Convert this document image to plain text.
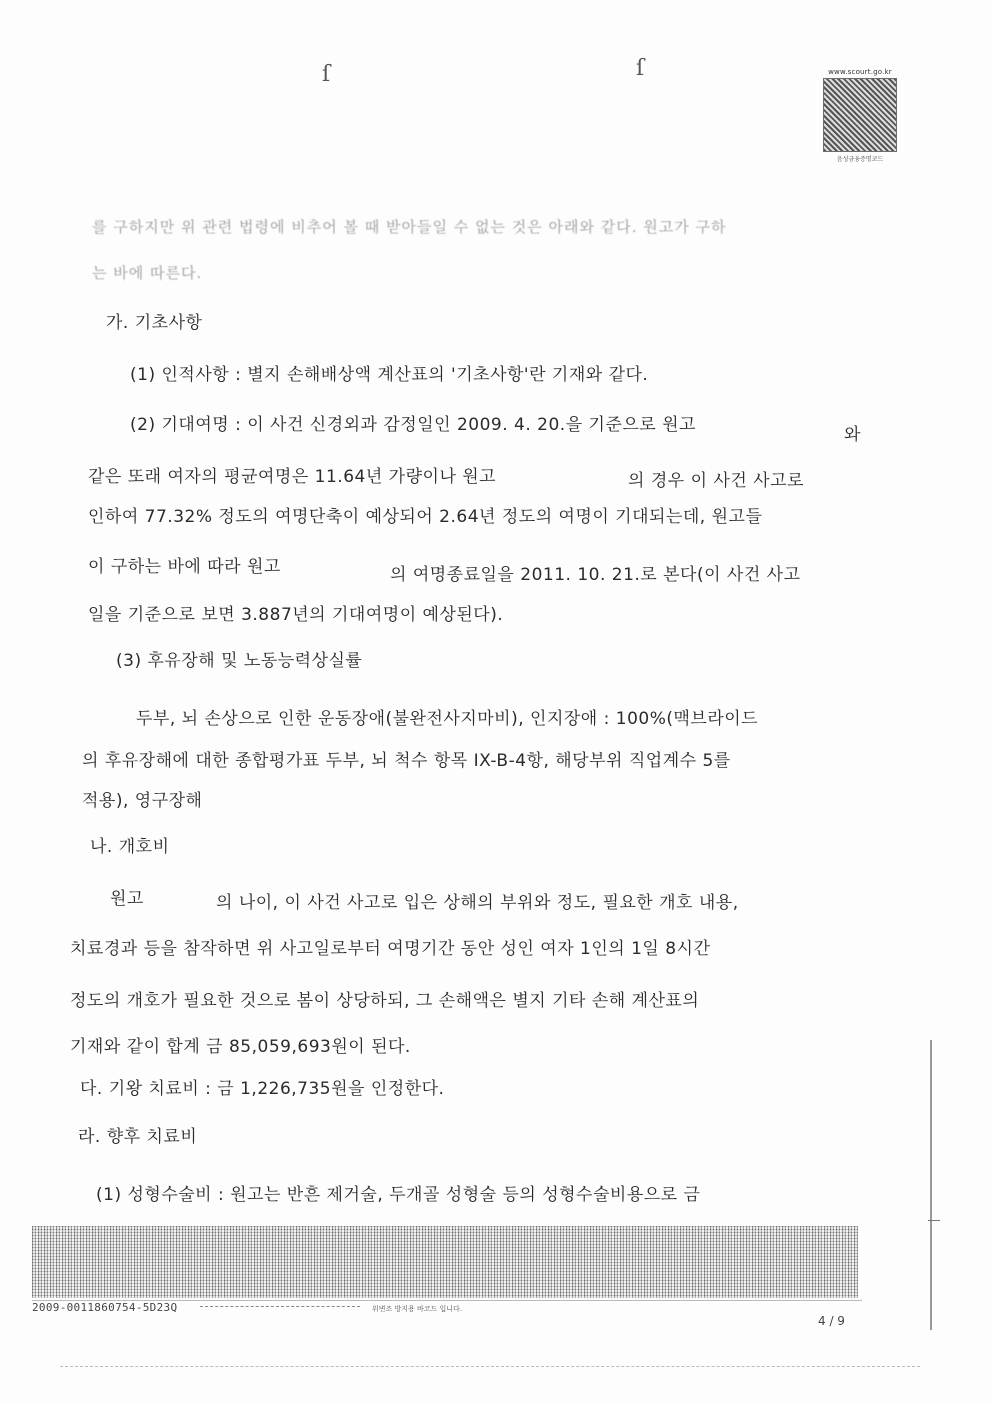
ſ	ſ	www.scourt.go.kr
음성금융증명코드
를 구하지만 위 관련 법령에 비추어 볼 때 받아들일 수 없는 것은 아래와 같다. 원고가 구하
는 바에 따른다.
가. 기초사항
(1) 인적사항 : 별지 손해배상액 계산표의 '기초사항'란 기재와 같다.
(2) 기대여명 : 이 사건 신경외과 감정일인 2009. 4. 20.을 기준으로 원고	와
같은 또래 여자의 평균여명은 11.64년 가량이나 원고	의 경우 이 사건 사고로
인하여 77.32% 정도의 여명단축이 예상되어 2.64년 정도의 여명이 기대되는데, 원고들
이 구하는 바에 따라 원고	의 여명종료일을 2011. 10. 21.로 본다(이 사건 사고
일을 기준으로 보면 3.887년의 기대여명이 예상된다).
(3) 후유장해 및 노동능력상실률
두부, 뇌 손상으로 인한 운동장애(불완전사지마비), 인지장애 : 100%(맥브라이드
의 후유장해에 대한 종합평가표 두부, 뇌 척수 항목 IX-B-4항, 해당부위 직업계수 5를
적용), 영구장해
나. 개호비
원고	의 나이, 이 사건 사고로 입은 상해의 부위와 정도, 필요한 개호 내용,
치료경과 등을 참작하면 위 사고일로부터 여명기간 동안 성인 여자 1인의 1일 8시간
정도의 개호가 필요한 것으로 봄이 상당하되, 그 손해액은 별지 기타 손해 계산표의
기재와 같이 합계 금 85,059,693원이 된다.
다. 기왕 치료비 : 금 1,226,735원을 인정한다.
라. 향후 치료비
(1) 성형수술비 : 원고는 반흔 제거술, 두개골 성형술 등의 성형수술비용으로 금
2009-0011860754-5D23Q	위변조 방지용 바코드 입니다.
4 / 9
